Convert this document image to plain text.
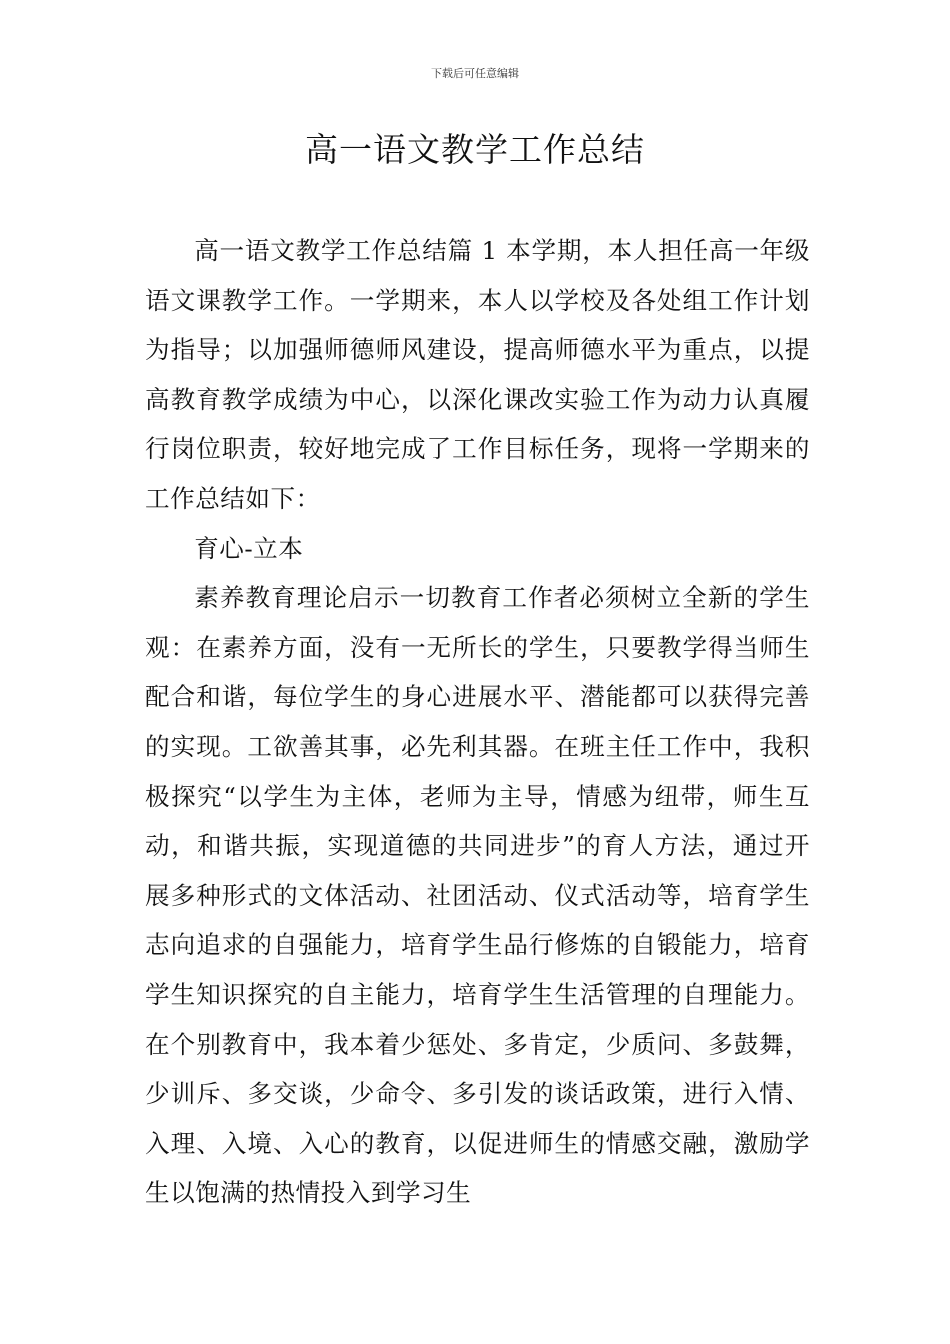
下载后可任意编辑
高一语文教学工作总结

高一语文教学工作总结篇 1 本学期，本人担任高一年级语文课教学工作。一学期来，本人以学校及各处组工作计划为指导；以加强师德师风建设，提高师德水平为重点，以提高教育教学成绩为中心，以深化课改实验工作为动力认真履行岗位职责，较好地完成了工作目标任务，现将一学期来的工作总结如下：

育心-立本

素养教育理论启示一切教育工作者必须树立全新的学生观：在素养方面，没有一无所长的学生，只要教学得当师生配合和谐，每位学生的身心进展水平、潜能都可以获得完善的实现。工欲善其事，必先利其器。在班主任工作中，我积极探究“以学生为主体，老师为主导，情感为纽带，师生互动，和谐共振，实现道德的共同进步”的育人方法，通过开展多种形式的文体活动、社团活动、仪式活动等，培育学生志向追求的自强能力，培育学生品行修炼的自锻能力，培育学生知识探究的自主能力，培育学生生活管理的自理能力。在个别教育中，我本着少惩处、多肯定，少质问、多鼓舞，少训斥、多交谈，少命令、多引发的谈话政策，进行入情、入理、入境、入心的教育，以促进师生的情感交融，激励学生以饱满的热情投入到学习生
